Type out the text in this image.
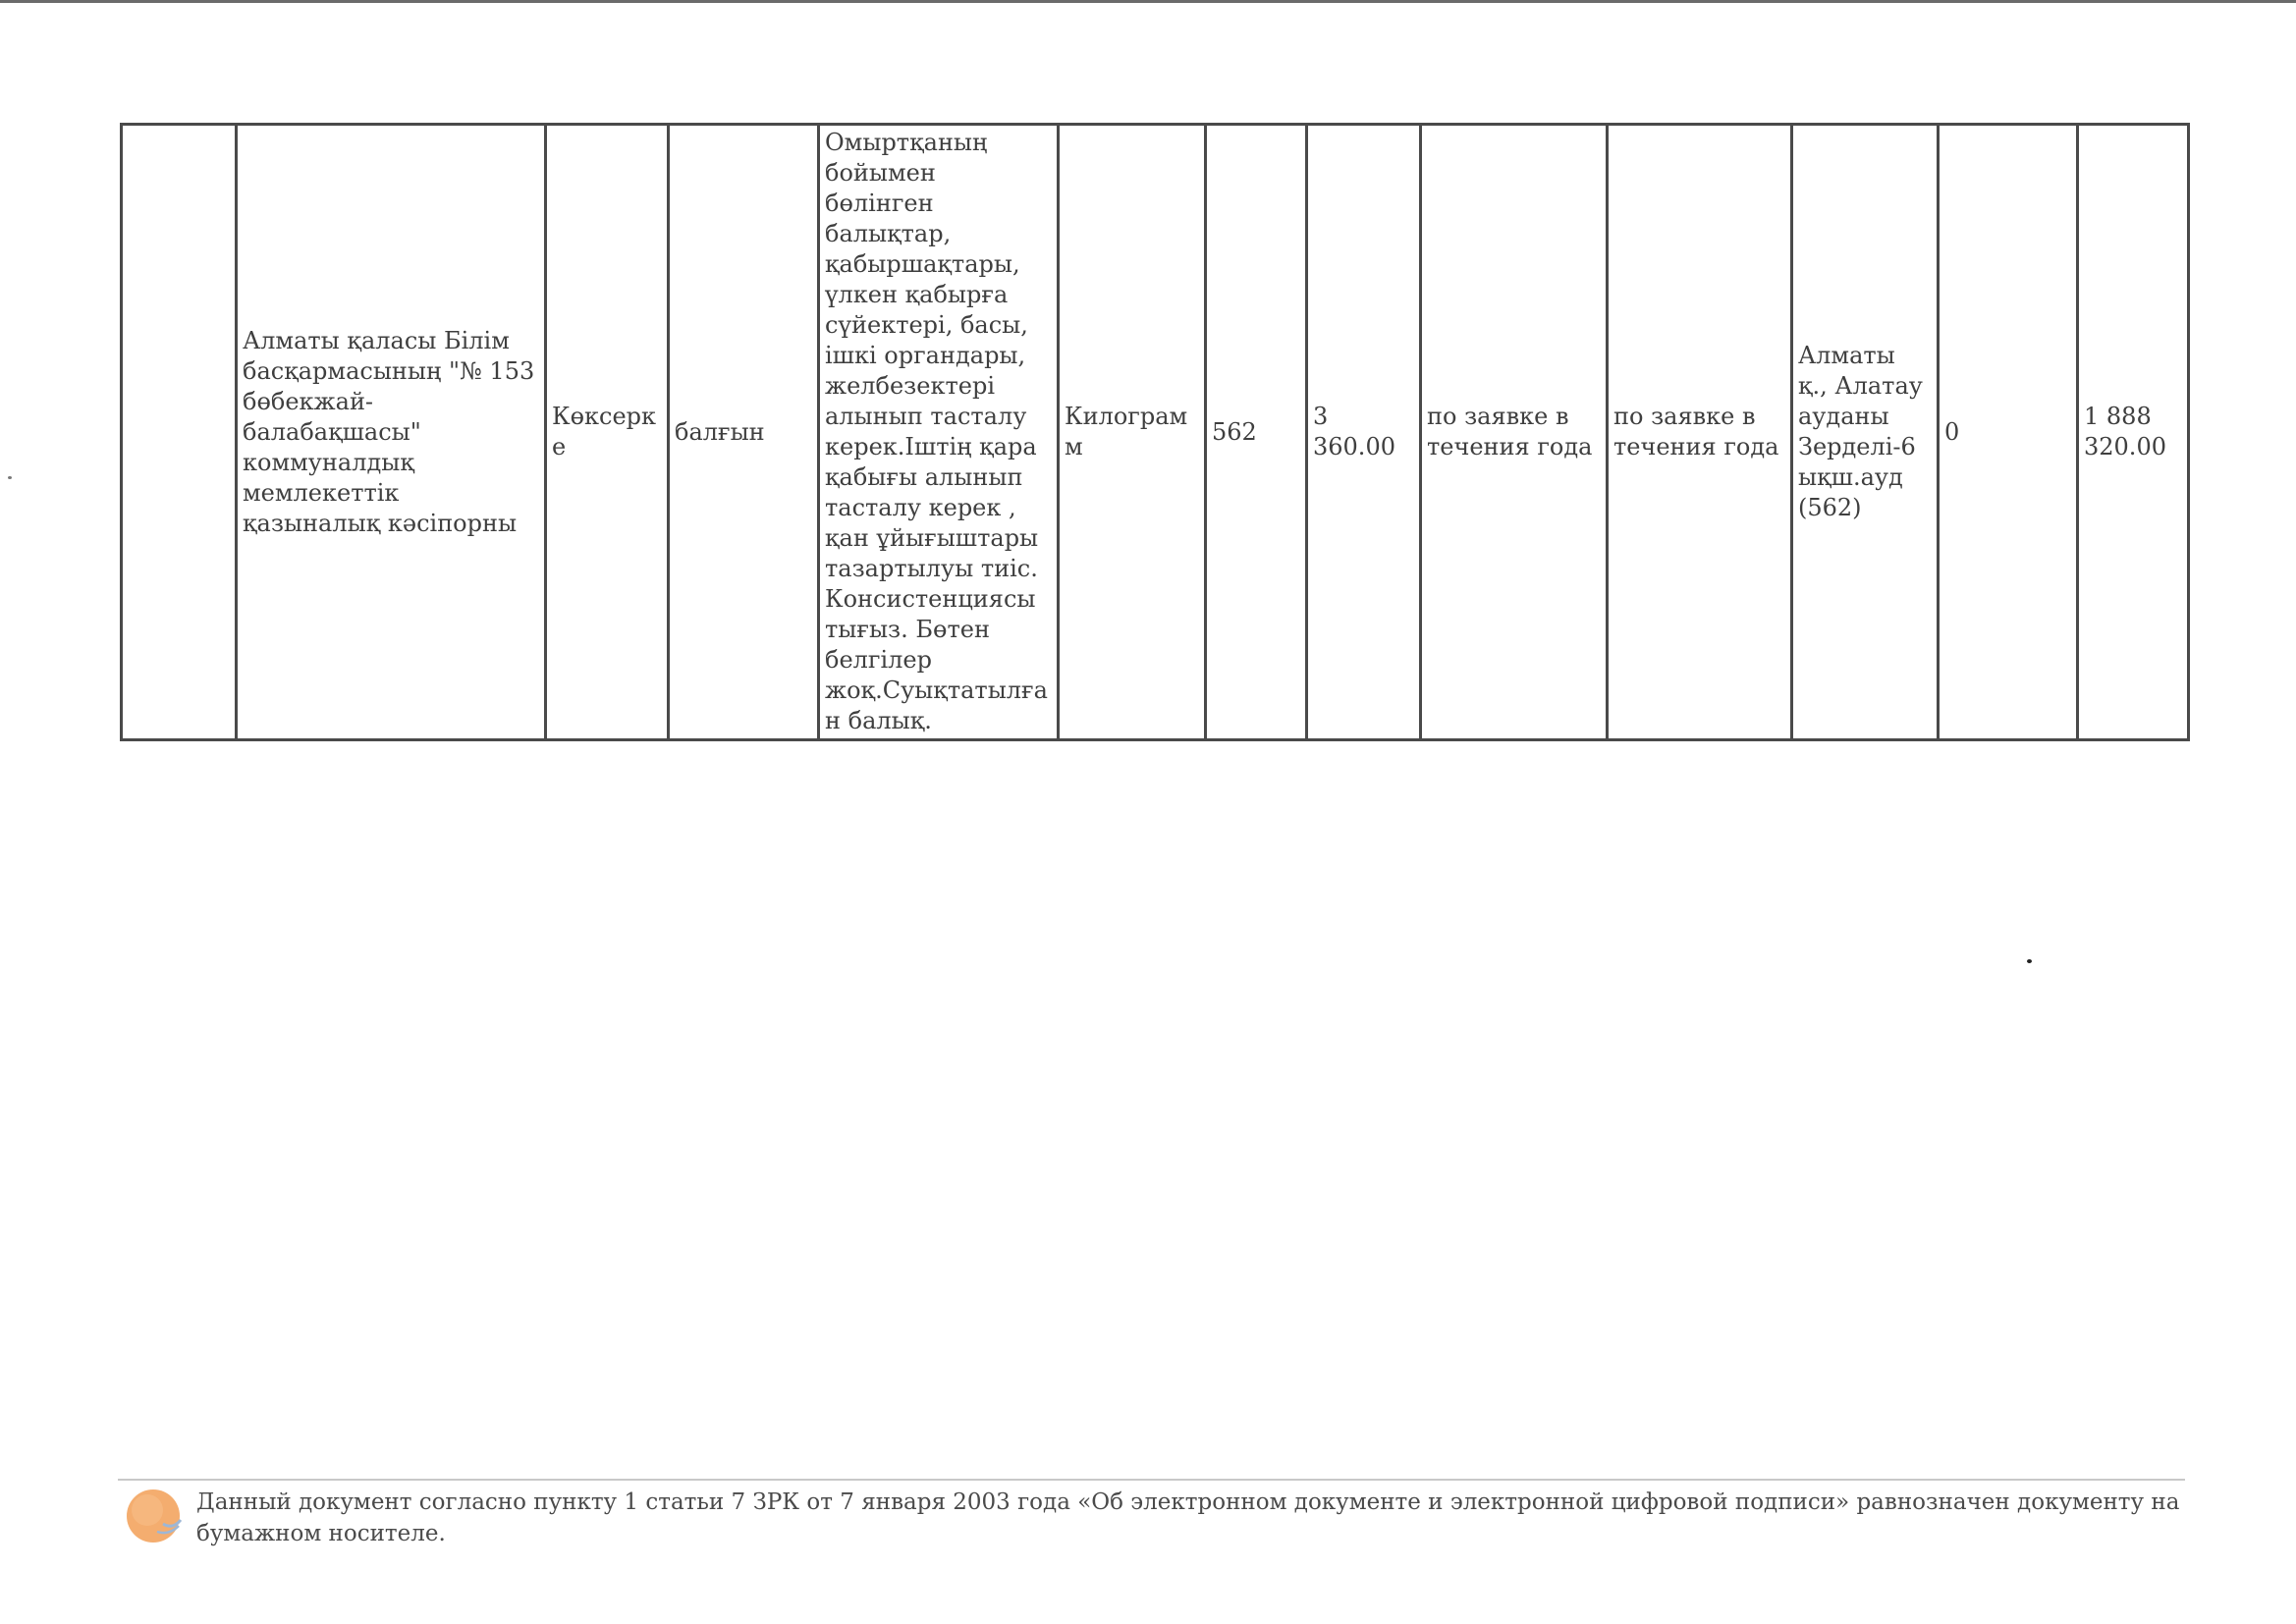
	Алматы қаласы Білім басқармасының "№ 153 бөбекжай-балабақшасы" коммуналдық мемлекеттік қазыналық кәсіпорны	Көксерке	балғын	Омыртқаның бойымен бөлінген балықтар, қабыршақтары, үлкен қабырға сүйектері, басы, ішкі органдары, желбезектері алынып тасталу керек.Іштің қара қабығы алынып тасталу керек , қан ұйығыштары тазартылуы тиіс. Консистенциясы тығыз. Бөтен белгілер жоқ.Суықтатылған балық.	Килограмм	562	3 360.00	по заявке в течения года	по заявке в течения года	Алматы қ., Алатау ауданы Зерделі-6 ықш.ауд (562)	0	1 888 320.00
Данный документ согласно пункту 1 статьи 7 ЗРК от 7 января 2003 года «Об электронном документе и электронной цифровой подписи» равнозначен документу на бумажном носителе.
